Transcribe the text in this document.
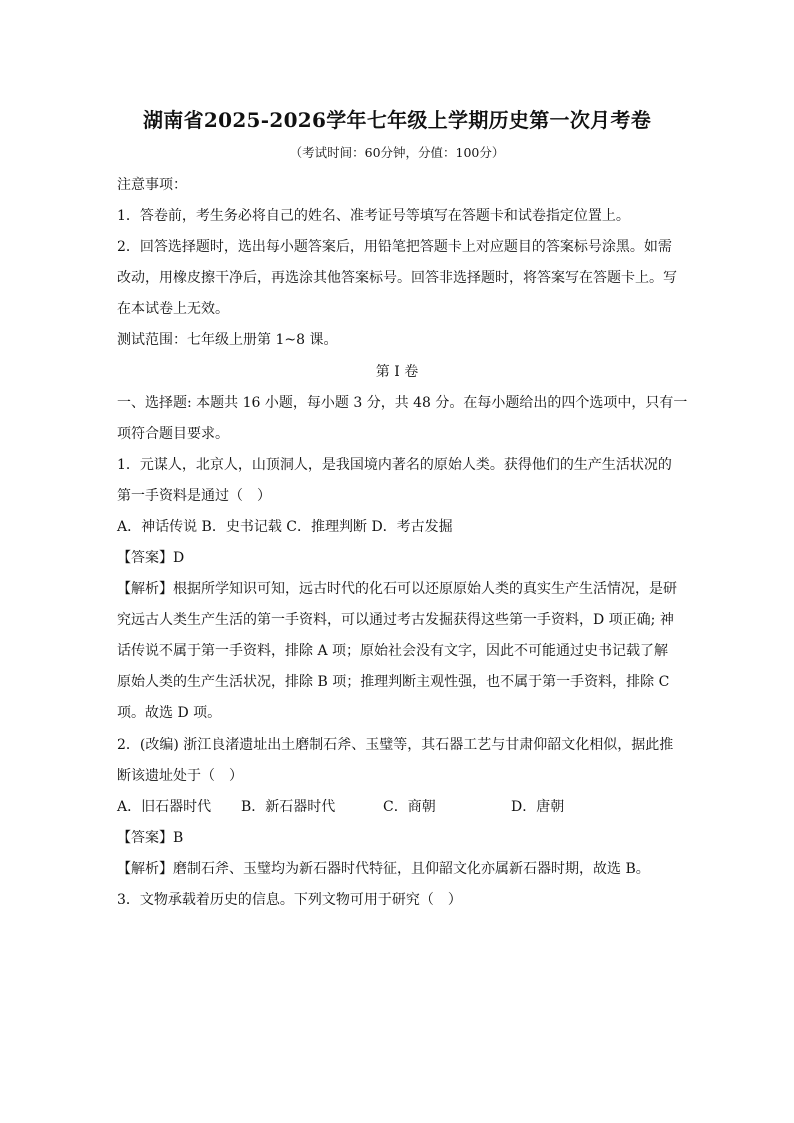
湖南省2025-2026学年七年级上学期历史第一次月考卷
（考试时间：60分钟，分值：100分）
注意事项：
1．答卷前，考生务必将自己的姓名、准考证号等填写在答题卡和试卷指定位置上。
2．回答选择题时，选出每小题答案后，用铅笔把答题卡上对应题目的答案标号涂黑。如需
改动，用橡皮擦干净后，再选涂其他答案标号。回答非选择题时，将答案写在答题卡上。写
在本试卷上无效。
测试范围：七年级上册第 1~8 课。
第 I 卷
一、选择题: 本题共 16 小题，每小题 3 分，共 48 分。在每小题给出的四个选项中，只有一
项符合题目要求。
1．元谋人，北京人，山顶洞人，是我国境内著名的原始人类。获得他们的生产生活状况的
第一手资料是通过（　）
A．神话传说 B．史书记载 C．推理判断 D．考古发掘
【答案】D
【解析】根据所学知识可知，远古时代的化石可以还原原始人类的真实生产生活情况，是研
究远古人类生产生活的第一手资料，可以通过考古发掘获得这些第一手资料，D 项正确; 神
话传说不属于第一手资料，排除 A 项；原始社会没有文字，因此不可能通过史书记载了解
原始人类的生产生活状况，排除 B 项；推理判断主观性强，也不属于第一手资料，排除 C
项。故选 D 项。
2．(改编) 浙江良渚遗址出土磨制石斧、玉璧等，其石器工艺与甘肃仰韶文化相似，据此推
断该遗址处于（　）
A．旧石器时代 B．新石器时代	C．商朝	D．唐朝
【答案】B
【解析】磨制石斧、玉璧均为新石器时代特征，且仰韶文化亦属新石器时期，故选 B。
3．文物承载着历史的信息。下列文物可用于研究（　）
